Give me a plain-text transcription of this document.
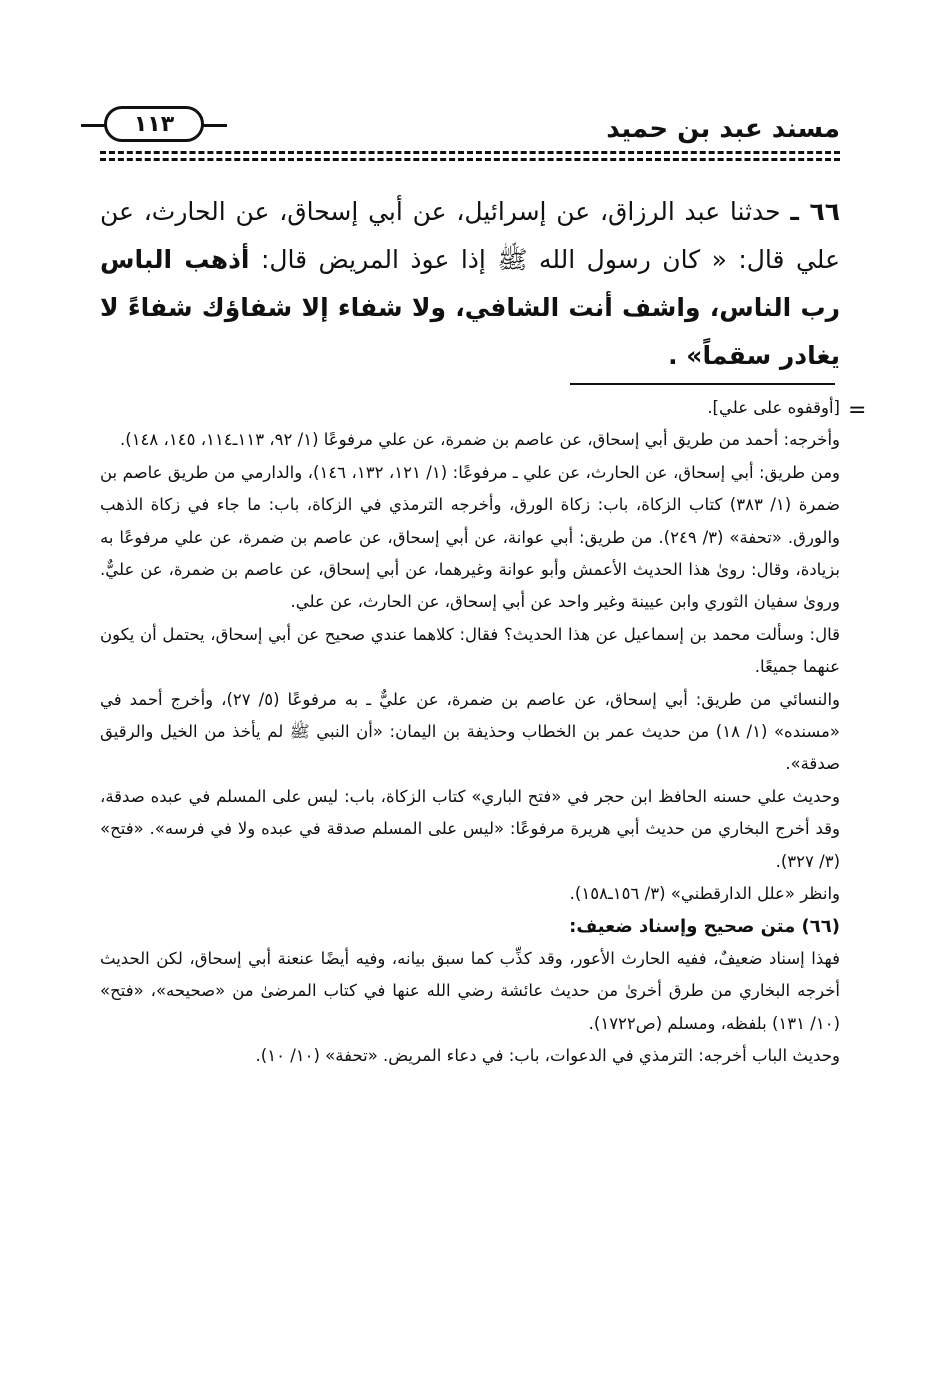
مسند عبد بن حميد
١١٣
٦٦ ـ حدثنا عبد الرزاق، عن إسرائيل، عن أبي إسحاق، عن الحارث، عن علي قال: « كان رسول الله ﷺ إذا عوذ المريض قال: أذهب الباس رب الناس، واشف أنت الشافي، ولا شفاء إلا شفاؤك شفاءً لا يغادر سقماً» .
=

[أوقفوه على علي].

وأخرجه: أحمد من طريق أبي إسحاق، عن عاصم بن ضمرة، عن علي مرفوعًا (١/ ٩٢، ١١٣ـ١١٤، ١٤٥، ١٤٨).

ومن طريق: أبي إسحاق، عن الحارث، عن علي ـ مرفوعًا: (١/ ١٢١، ١٣٢، ١٤٦)، والدارمي من طريق عاصم بن ضمرة (١/ ٣٨٣) كتاب الزكاة، باب: زكاة الورق، وأخرجه الترمذي في الزكاة، باب: ما جاء في زكاة الذهب والورق. «تحفة» (٣/ ٢٤٩). من طريق: أبي عوانة، عن أبي إسحاق، عن عاصم بن ضمرة، عن علي مرفوعًا به بزيادة، وقال: روىٰ هذا الحديث الأعمش وأبو عوانة وغيرهما، عن أبي إسحاق، عن عاصم بن ضمرة، عن عليٌّ. وروىٰ سفيان الثوري وابن عيينة وغير واحد عن أبي إسحاق، عن الحارث، عن علي.

قال: وسألت محمد بن إسماعيل عن هذا الحديث؟ فقال: كلاهما عندي صحيح عن أبي إسحاق، يحتمل أن يكون عنهما جميعًا.

والنسائي من طريق: أبي إسحاق، عن عاصم بن ضمرة، عن عليٌّ ـ به مرفوعًا (٥/ ٢٧)، وأخرج أحمد في «مسنده» (١/ ١٨) من حديث عمر بن الخطاب وحذيفة بن اليمان: «أن النبي ﷺ لم يأخذ من الخيل والرقيق صدقة».

وحديث علي حسنه الحافظ ابن حجر في «فتح الباري» كتاب الزكاة، باب: ليس على المسلم في عبده صدقة، وقد أخرج البخاري من حديث أبي هريرة مرفوعًا: «ليس على المسلم صدقة في عبده ولا في فرسه». «فتح» (٣/ ٣٢٧).

وانظر «علل الدارقطني» (٣/ ١٥٦ـ١٥٨).

(٦٦) متن صحيح وإسناد ضعيف:

فهذا إسناد ضعيفٌ، ففيه الحارث الأعور، وقد كذِّب كما سبق بيانه، وفيه أيضًا عنعنة أبي إسحاق، لكن الحديث أخرجه البخاري من طرق أخرىٰ من حديث عائشة رضي الله عنها في كتاب المرضىٰ من «صحيحه»، «فتح» (١٠/ ١٣١) بلفظه، ومسلم (ص١٧٢٢).

وحديث الباب أخرجه: الترمذي في الدعوات، باب: في دعاء المريض. «تحفة» (١٠/ ١٠).
